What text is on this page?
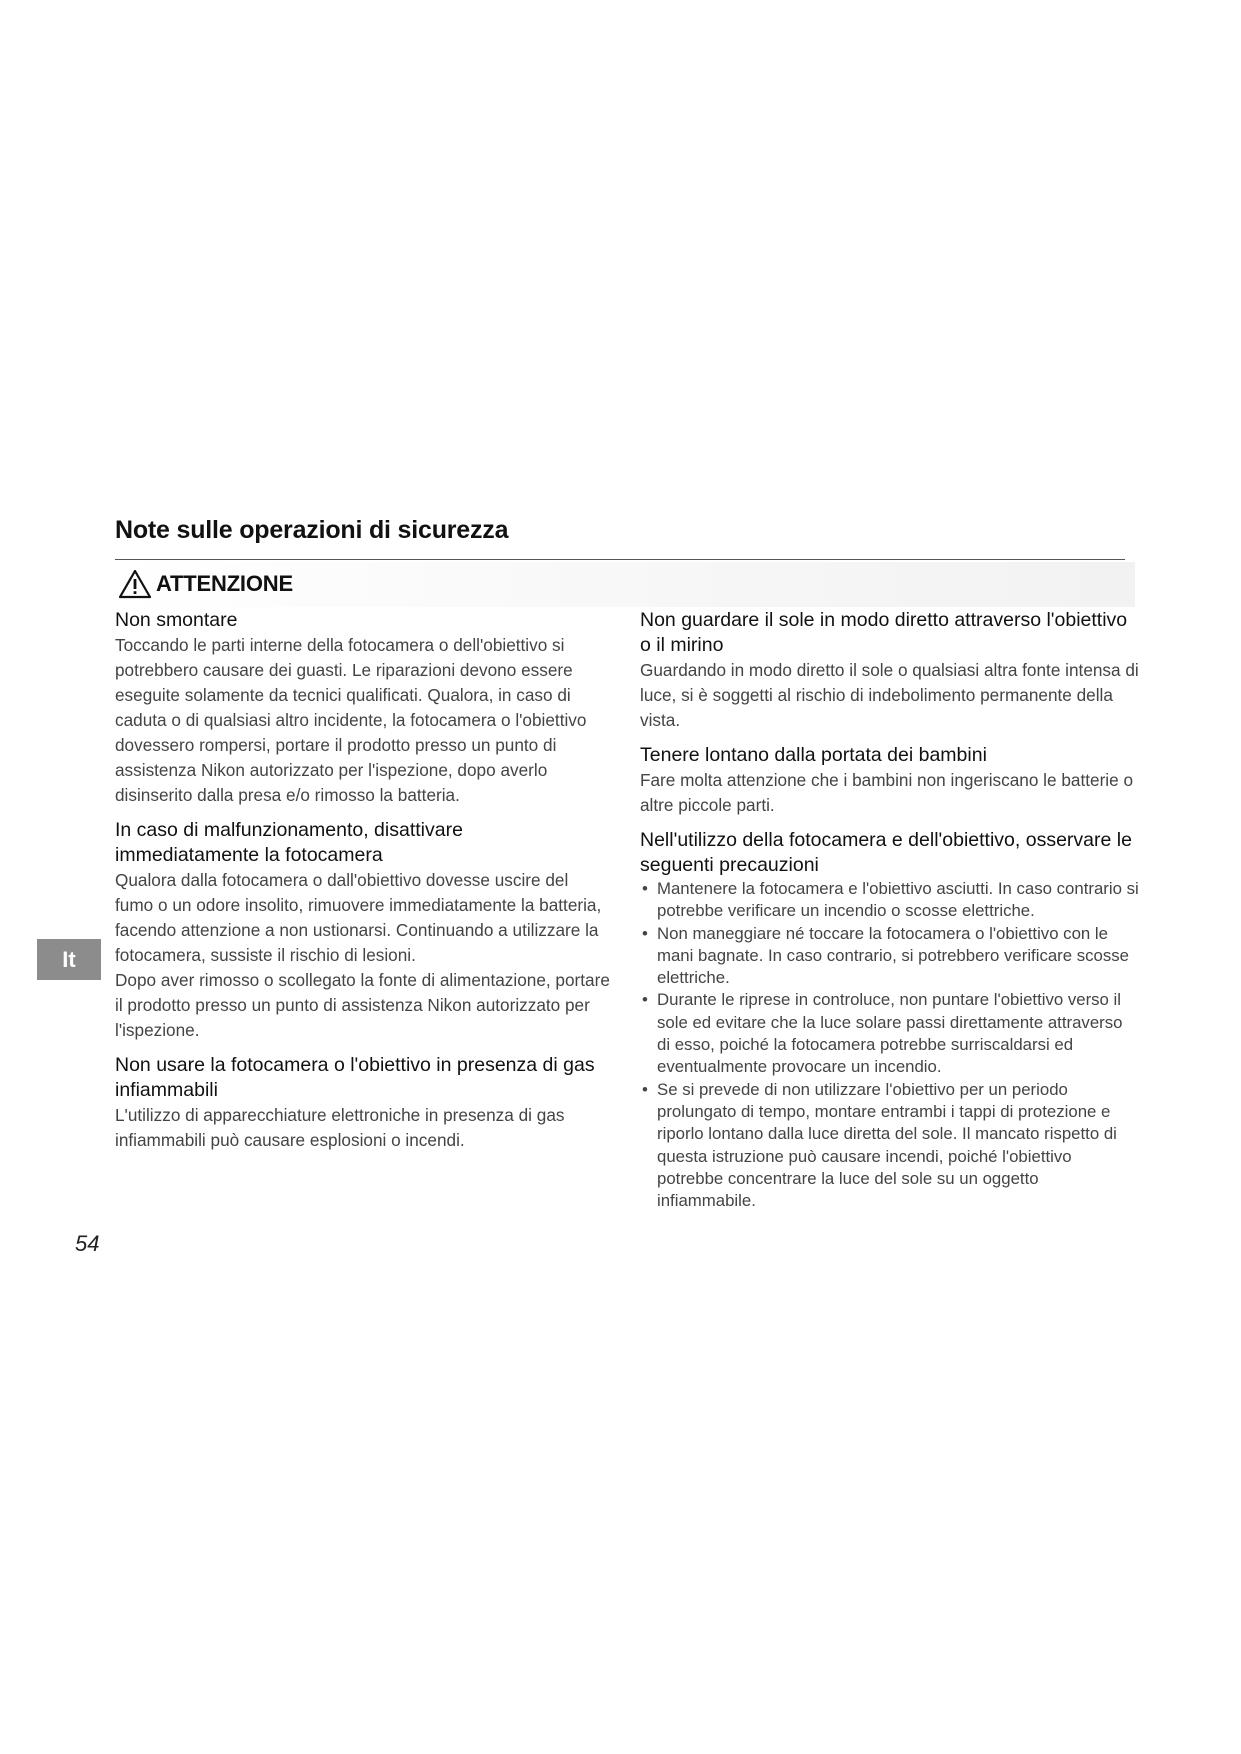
Note sulle operazioni di sicurezza
ATTENZIONE
Non smontare

Toccando le parti interne della fotocamera o dell'obiettivo si potrebbero causare dei guasti. Le riparazioni devono essere eseguite solamente da tecnici qualificati. Qualora, in caso di caduta o di qualsiasi altro incidente, la fotocamera o l'obiettivo dovessero rompersi, portare il prodotto presso un punto di assistenza Nikon autorizzato per l'ispezione, dopo averlo disinserito dalla presa e/o rimosso la batteria.

In caso di malfunzionamento, disattivare immediatamente la fotocamera

Qualora dalla fotocamera o dall'obiettivo dovesse uscire del fumo o un odore insolito, rimuovere immediatamente la batteria, facendo attenzione a non ustionarsi. Continuando a utilizzare la fotocamera, sussiste il rischio di lesioni.

Dopo aver rimosso o scollegato la fonte di alimentazione, portare il prodotto presso un punto di assistenza Nikon autorizzato per l'ispezione.

Non usare la fotocamera o l'obiettivo in presenza di gas infiammabili

L'utilizzo di apparecchiature elettroniche in presenza di gas infiammabili può causare esplosioni o incendi.

Non guardare il sole in modo diretto attraverso l'obiettivo o il mirino

Guardando in modo diretto il sole o qualsiasi altra fonte intensa di luce, si è soggetti al rischio di indebolimento permanente della vista.

Tenere lontano dalla portata dei bambini

Fare molta attenzione che i bambini non ingeriscano le batterie o altre piccole parti.

Nell'utilizzo della fotocamera e dell'obiettivo, osservare le seguenti precauzioni
• Mantenere la fotocamera e l'obiettivo asciutti. In caso contrario si potrebbe verificare un incendio o scosse elettriche.
• Non maneggiare né toccare la fotocamera o l'obiettivo con le mani bagnate. In caso contrario, si potrebbero verificare scosse elettriche.
• Durante le riprese in controluce, non puntare l'obiettivo verso il sole ed evitare che la luce solare passi direttamente attraverso di esso, poiché la fotocamera potrebbe surriscaldarsi ed eventualmente provocare un incendio.
• Se si prevede di non utilizzare l'obiettivo per un periodo prolungato di tempo, montare entrambi i tappi di protezione e riporlo lontano dalla luce diretta del sole. Il mancato rispetto di questa istruzione può causare incendi, poiché l'obiettivo potrebbe concentrare la luce del sole su un oggetto infiammabile.
It
54
